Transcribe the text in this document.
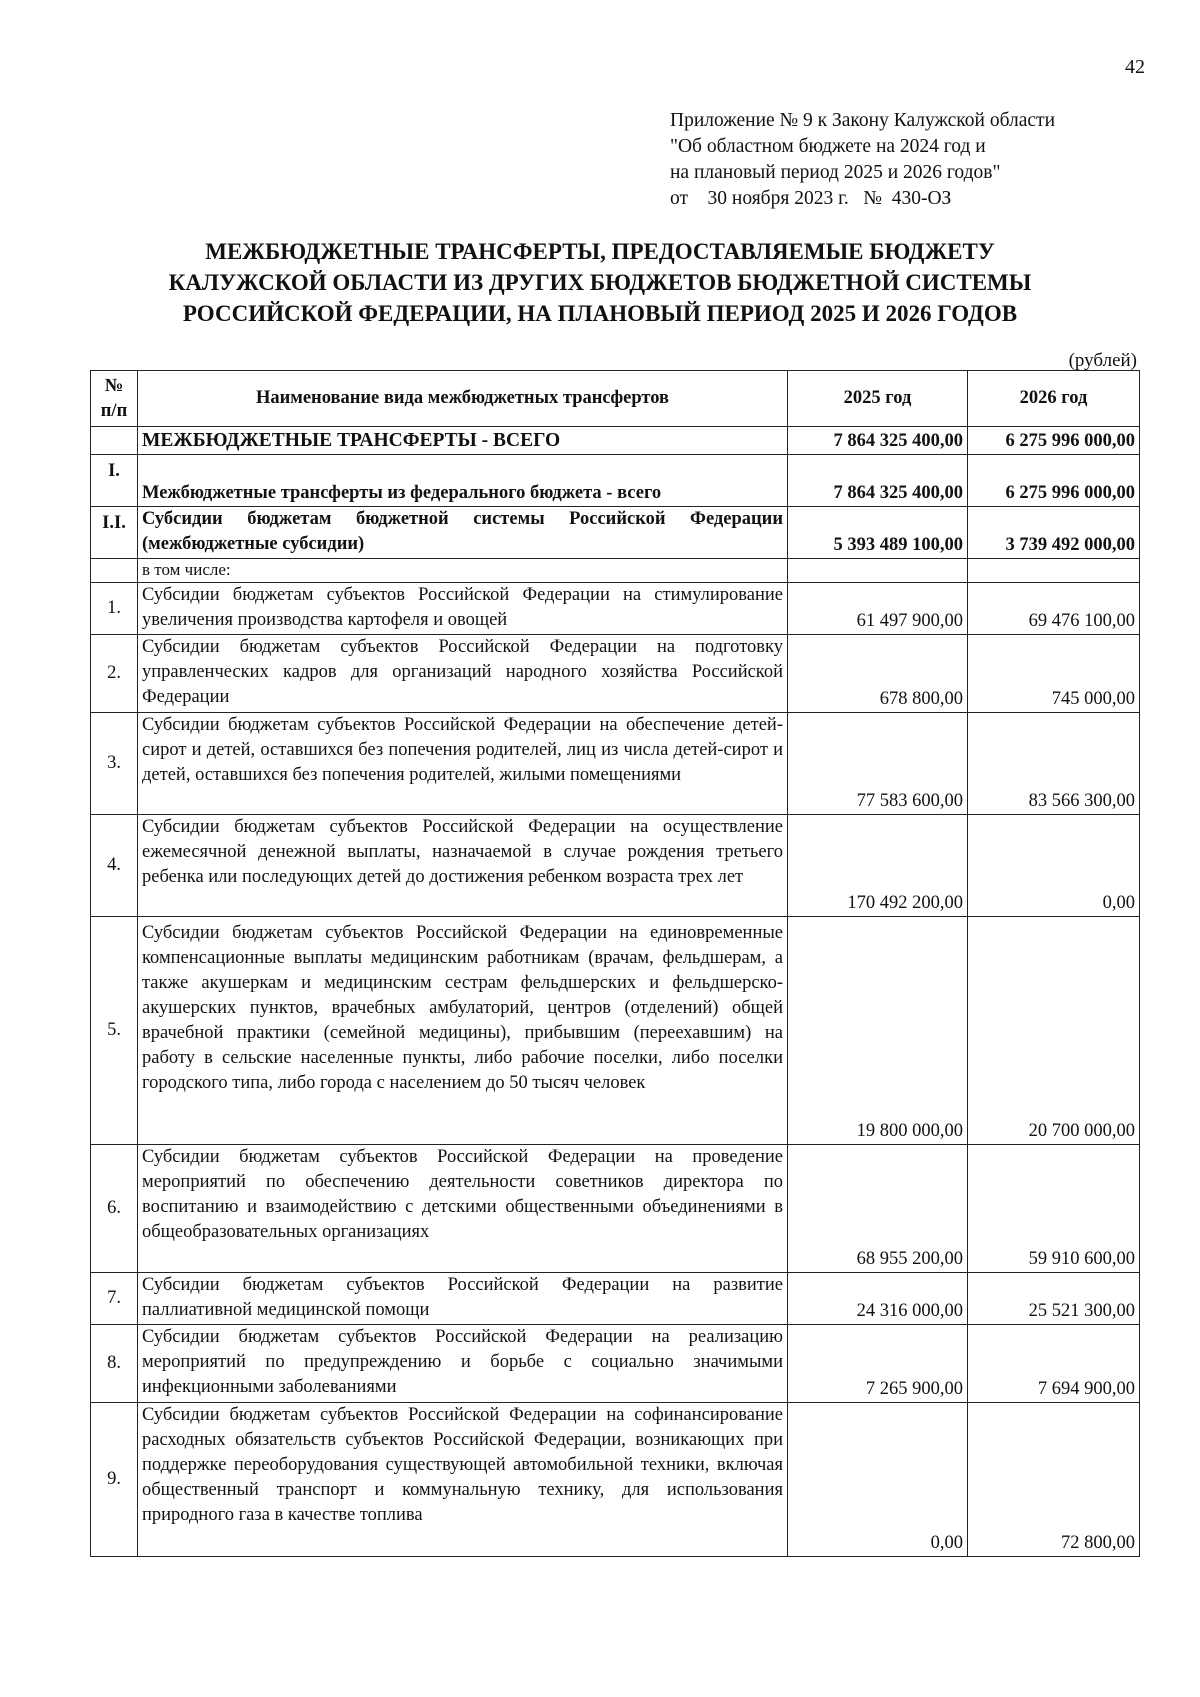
42
Приложение № 9 к Закону Калужской области
"Об областном бюджете на 2024 год и
на плановый период 2025 и 2026 годов"
от    30 ноября 2023 г.   №  430-ОЗ
МЕЖБЮДЖЕТНЫЕ ТРАНСФЕРТЫ, ПРЕДОСТАВЛЯЕМЫЕ БЮДЖЕТУ
КАЛУЖСКОЙ ОБЛАСТИ ИЗ ДРУГИХ БЮДЖЕТОВ БЮДЖЕТНОЙ СИСТЕМЫ
РОССИЙСКОЙ ФЕДЕРАЦИИ, НА ПЛАНОВЫЙ ПЕРИОД 2025 И 2026 ГОДОВ
(рублей)
№
п/п	Наименование вида межбюджетных трансфертов	2025 год	2026 год
	МЕЖБЮДЖЕТНЫЕ ТРАНСФЕРТЫ - ВСЕГО	7 864 325 400,00	6 275 996 000,00
I.	Межбюджетные трансферты из федерального бюджета - всего	7 864 325 400,00	6 275 996 000,00
I.I.	Субсидии бюджетам бюджетной системы Российской Федерации (межбюджетные субсидии)	5 393 489 100,00	3 739 492 000,00
	в том числе:		
1.	Субсидии бюджетам субъектов Российской Федерации на стимулирование увеличения производства картофеля и овощей	61 497 900,00	69 476 100,00
2.	Субсидии бюджетам субъектов Российской Федерации на подготовку управленческих кадров для организаций народного хозяйства Российской Федерации	678 800,00	745 000,00
3.	Субсидии бюджетам субъектов Российской Федерации на обеспечение детей-сирот и детей, оставшихся без попечения родителей, лиц из числа детей-сирот и детей, оставшихся без попечения родителей, жилыми помещениями	77 583 600,00	83 566 300,00
4.	Субсидии бюджетам субъектов Российской Федерации на осуществление ежемесячной денежной выплаты, назначаемой в случае рождения третьего ребенка или последующих детей до достижения ребенком возраста трех лет	170 492 200,00	0,00
5.	Субсидии бюджетам субъектов Российской Федерации на единовременные компенсационные выплаты медицинским работникам (врачам, фельдшерам, а также акушеркам и медицинским сестрам фельдшерских и фельдшерско-акушерских пунктов, врачебных амбулаторий, центров (отделений) общей врачебной практики (семейной медицины), прибывшим (переехавшим) на работу в сельские населенные пункты, либо рабочие поселки, либо поселки городского типа, либо города с населением до 50 тысяч человек	19 800 000,00	20 700 000,00
6.	Субсидии бюджетам субъектов Российской Федерации на проведение мероприятий по обеспечению деятельности советников директора по воспитанию и взаимодействию с детскими общественными объединениями в общеобразовательных организациях	68 955 200,00	59 910 600,00
7.	Субсидии бюджетам субъектов Российской Федерации на развитие паллиативной медицинской помощи	24 316 000,00	25 521 300,00
8.	Субсидии бюджетам субъектов Российской Федерации на реализацию мероприятий по предупреждению и борьбе с социально значимыми инфекционными заболеваниями	7 265 900,00	7 694 900,00
9.	Субсидии бюджетам субъектов Российской Федерации на софинансирование расходных обязательств субъектов Российской Федерации, возникающих при поддержке переоборудования существующей автомобильной техники, включая общественный транспорт и коммунальную технику, для использования природного газа в качестве топлива	0,00	72 800,00
